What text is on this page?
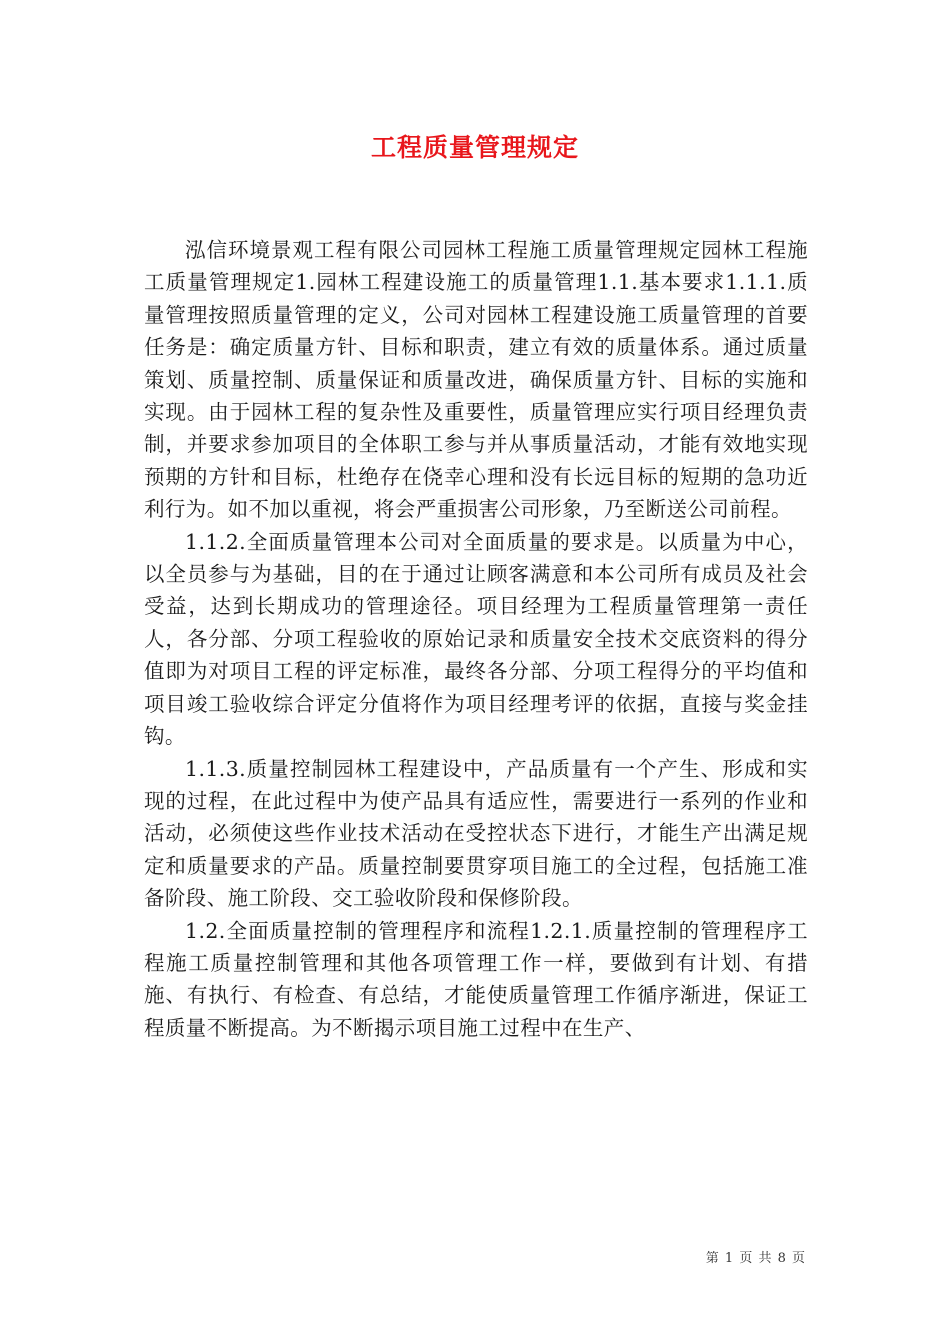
工程质量管理规定

泓信环境景观工程有限公司园林工程施工质量管理规定园林工程施工质量管理规定1.园林工程建设施工的质量管理1.1.基本要求1.1.1.质量管理按照质量管理的定义，公司对园林工程建设施工质量管理的首要任务是：确定质量方针、目标和职责，建立有效的质量体系。通过质量策划、质量控制、质量保证和质量改进，确保质量方针、目标的实施和实现。由于园林工程的复杂性及重要性，质量管理应实行项目经理负责制，并要求参加项目的全体职工参与并从事质量活动，才能有效地实现预期的方针和目标，杜绝存在侥幸心理和没有长远目标的短期的急功近利行为。如不加以重视，将会严重损害公司形象，乃至断送公司前程。

1.1.2.全面质量管理本公司对全面质量的要求是。以质量为中心，以全员参与为基础，目的在于通过让顾客满意和本公司所有成员及社会受益，达到长期成功的管理途径。项目经理为工程质量管理第一责任人，各分部、分项工程验收的原始记录和质量安全技术交底资料的得分值即为对项目工程的评定标准，最终各分部、分项工程得分的平均值和项目竣工验收综合评定分值将作为项目经理考评的依据，直接与奖金挂钩。

1.1.3.质量控制园林工程建设中，产品质量有一个产生、形成和实现的过程，在此过程中为使产品具有适应性，需要进行一系列的作业和活动，必须使这些作业技术活动在受控状态下进行，才能生产出满足规定和质量要求的产品。质量控制要贯穿项目施工的全过程，包括施工准备阶段、施工阶段、交工验收阶段和保修阶段。

1.2.全面质量控制的管理程序和流程1.2.1.质量控制的管理程序工程施工质量控制管理和其他各项管理工作一样，要做到有计划、有措施、有执行、有检查、有总结，才能使质量管理工作循序渐进，保证工程质量不断提高。为不断揭示项目施工过程中在生产、

第 1 页 共 8 页
